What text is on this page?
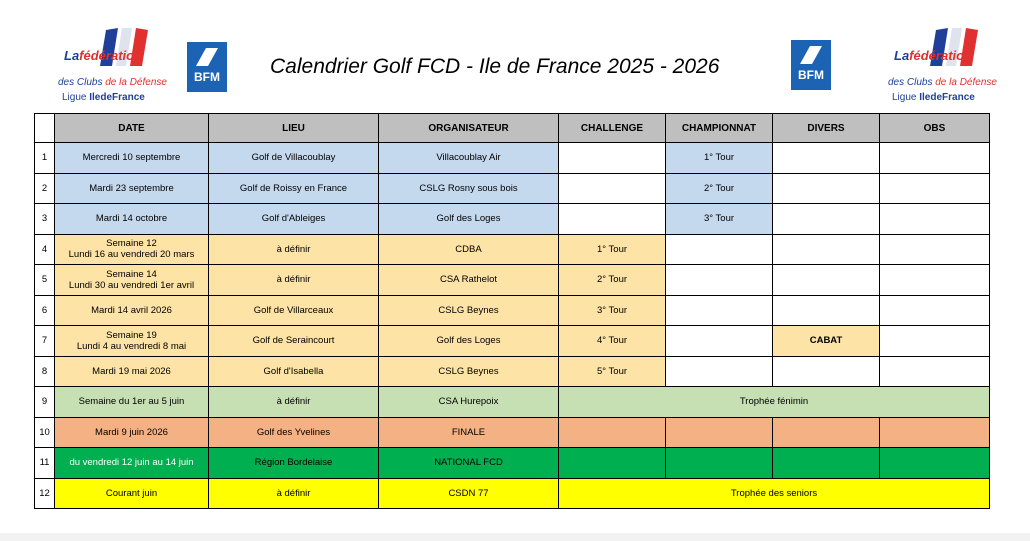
Lafédération
des Clubs de la Défense
Ligue IledeFrance
BFM	Calendrier Golf FCD - Ile de France 2025 - 2026	BFM
Lafédération
des Clubs de la Défense
Ligue IledeFrance
	DATE	LIEU	ORGANISATEUR	CHALLENGE	CHAMPIONNAT	DIVERS	OBS
1	Mercredi 10 septembre	Golf de Villacoublay	Villacoublay Air		1° Tour		
2	Mardi 23 septembre	Golf de Roissy en France	CSLG Rosny sous bois		2° Tour		
3	Mardi 14 octobre	Golf d'Ableiges	Golf des Loges		3° Tour		
4	Semaine 12
Lundi 16 au vendredi 20 mars	à définir	CDBA	1° Tour			
5	Semaine 14
Lundi 30 au vendredi 1er avril	à définir	CSA Rathelot	2° Tour			
6	Mardi 14 avril 2026	Golf de Villarceaux	CSLG Beynes	3° Tour			
7	Semaine 19
Lundi 4 au vendredi 8 mai	Golf de Seraincourt	Golf des Loges	4° Tour		CABAT	
8	Mardi 19 mai 2026	Golf d'Isabella	CSLG Beynes	5° Tour			
9	Semaine du 1er au 5 juin	à définir	CSA Hurepoix	Trophée fénimin			
10	Mardi 9 juin 2026	Golf des Yvelines	FINALE				
11	du vendredi 12 juin au 14 juin	Région Bordelaise	NATIONAL FCD				
12	Courant juin	à définir	CSDN 77	Trophée des seniors			
